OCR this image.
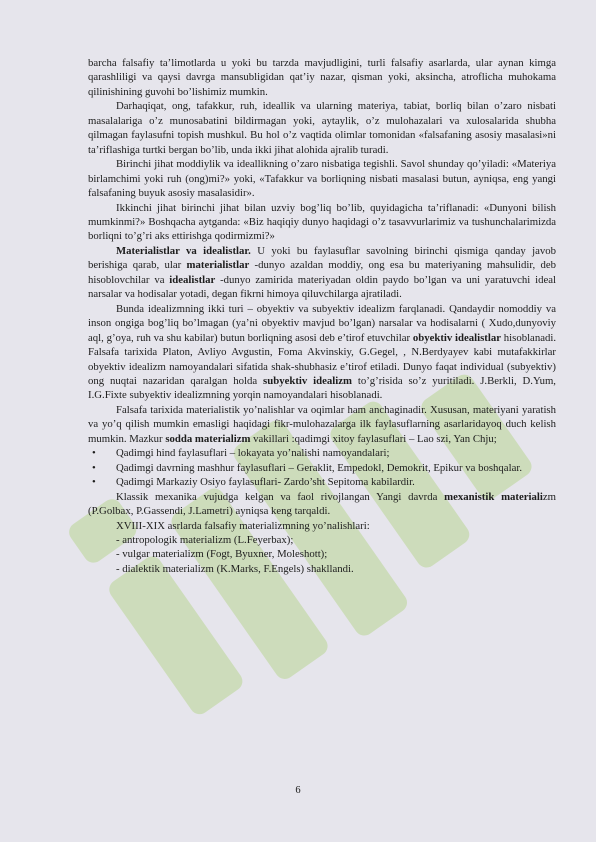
barcha falsafiy ta’limotlarda u yoki bu tarzda mavjudligini, turli falsafiy asarlarda, ular aynan kimga qarashliligi va qaysi davrga mansubligidan qat’iy nazar, qisman yoki, aksincha, atroflicha muhokama qilinishining guvohi bo’lishimiz mumkin.

Darhaqiqat, ong, tafakkur, ruh, ideallik va ularning materiya, tabiat, borliq bilan o’zaro nisbati masalalariga o’z munosabatini bildirmagan yoki, aytaylik, o’z mulohazalari va xulosalarida shubha qilmagan faylasufni topish mushkul. Bu hol o’z vaqtida olimlar tomonidan «falsafaning asosiy masalasi»ni ta’riflashiga turtki bergan bo’lib, unda ikki jihat alohida ajralib turadi.

Birinchi jihat moddiylik va ideallikning o’zaro nisbatiga tegishli. Savol shunday qo’yiladi: «Materiya birlamchimi yoki ruh (ong)mi?» yoki, «Tafakkur va borliqning nisbati masalasi butun, ayniqsa, eng yangi falsafaning buyuk asosiy masalasidir».

Ikkinchi jihat birinchi jihat bilan uzviy bog’liq bo’lib, quyidagicha ta’riflanadi: «Dunyoni bilish mumkinmi?» Boshqacha aytganda: «Biz haqiqiy dunyo haqidagi o’z tasavvurlarimiz va tushunchalarimizda borliqni to’g’ri aks ettirishga qodirmizmi?»

Materialistlar va idealistlar. U yoki bu faylasuflar savolning birinchi qismiga qanday javob berishiga qarab, ular materialistlar -dunyo azaldan moddiy, ong esa bu materiyaning mahsulidir, deb hisoblovchilar va idealistlar -dunyo zamirida materiyadan oldin paydo bo’lgan va uni yaratuvchi ideal narsalar va hodisalar yotadi, degan fikrni himoya qiluvchilarga ajratiladi.

Bunda idealizmning ikki turi – obyektiv va subyektiv idealizm farqlanadi. Qandaydir nomoddiy va inson ongiga bog’liq bo’lmagan (ya’ni obyektiv mavjud bo’lgan) narsalar va hodisalarni ( Xudo,dunyoviy aql, g’oya, ruh va shu kabilar) butun borliqning asosi deb e’tirof etuvchilar obyektiv idealistlar hisoblanadi. Falsafa tarixida Platon, Avliyo Avgustin, Foma Akvinskiy, G.Gegel, , N.Berdyayev kabi mutafakkirlar obyektiv idealizm namoyandalari sifatida shak-shubhasiz e’tirof etiladi. Dunyo faqat individual (subyektiv) ong nuqtai nazaridan qaralgan holda subyektiv idealizm to’g’risida so’z yuritiladi. J.Berkli, D.Yum, I.G.Fixte subyektiv idealizmning yorqin namoyandalari hisoblanadi.

Falsafa tarixida materialistik yo’nalishlar va oqimlar ham anchaginadir. Xususan, materiyani yaratish va yo’q qilish mumkin emasligi haqidagi fikr-mulohazalarga ilk faylasuflarning asarlaridayoq duch kelish mumkin. Mazkur sodda materializm vakillari :qadimgi xitoy faylasuflari – Lao szi, Yan Chju;

• Qadimgi hind faylasuflari – lokayata yo’nalishi namoyandalari;

• Qadimgi davrning mashhur faylasuflari – Geraklit, Empedokl, Demokrit, Epikur va boshqalar.

• Qadimgi Markaziy Osiyo faylasuflari- Zardo’sht Sepitoma kabilardir.

Klassik mexanika vujudga kelgan va faol rivojlangan Yangi davrda mexanistik materializm (P.Golbax, P.Gassendi, J.Lametri) ayniqsa keng tarqaldi.

XVIII-XIX asrlarda falsafiy materializmning yo’nalishlari:

- antropologik materializm (L.Feyerbax);

- vulgar materializm (Fogt, Byuxner, Moleshott);

- dialektik materializm (K.Marks, F.Engels) shakllandi.

6
